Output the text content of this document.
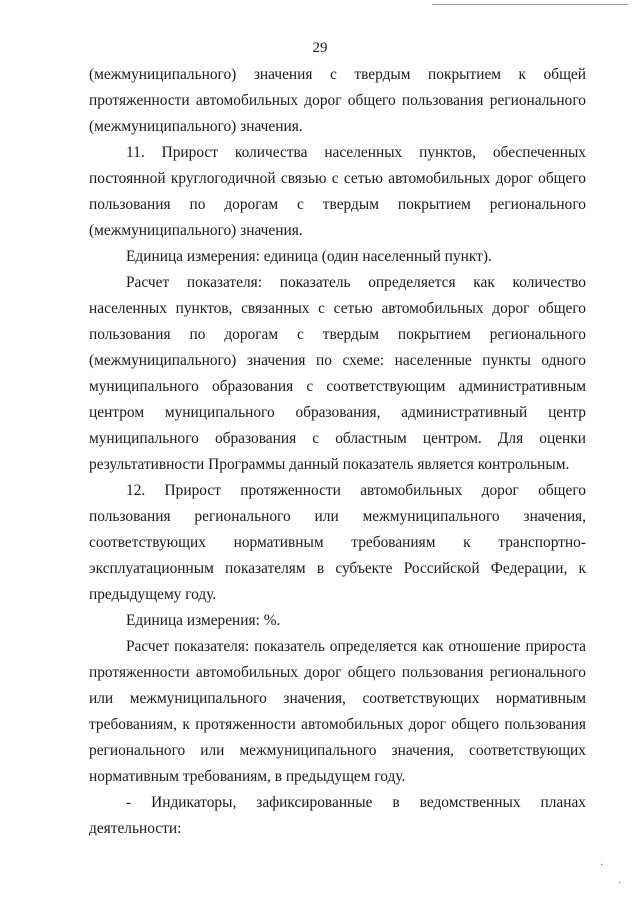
29

(межмуниципального) значения с твердым покрытием к общей протяженности автомобильных дорог общего пользования регионального (межмуниципального) значения.

11. Прирост количества населенных пунктов, обеспеченных постоянной круглогодичной связью с сетью автомобильных дорог общего пользования по дорогам с твердым покрытием регионального (межмуниципального) значения.

Единица измерения: единица (один населенный пункт).

Расчет показателя: показатель определяется как количество населенных пунктов, связанных с сетью автомобильных дорог общего пользования по дорогам с твердым покрытием регионального (межмуниципального) значения по схеме: населенные пункты одного муниципального образования с соответствующим административным центром муниципального образования, административный центр муниципального образования с областным центром. Для оценки результативности Программы данный показатель является контрольным.

12. Прирост протяженности автомобильных дорог общего пользования регионального или межмуниципального значения, соответствующих нормативным требованиям к транспортно-эксплуатационным показателям в субъекте Российской Федерации, к предыдущему году.

Единица измерения: %.

Расчет показателя: показатель определяется как отношение прироста протяженности автомобильных дорог общего пользования регионального или межмуниципального значения, соответствующих нормативным требованиям, к протяженности автомобильных дорог общего пользования регионального или межмуниципального значения, соответствующих нормативным требованиям, в предыдущем году.

- Индикаторы, зафиксированные в ведомственных планах деятельности:

·
·
